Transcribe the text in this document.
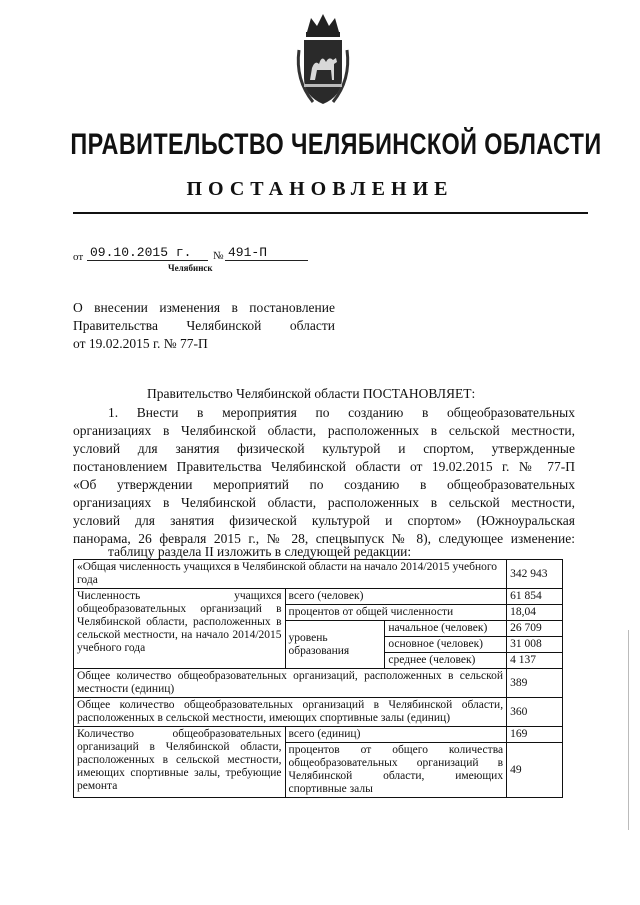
ПРАВИТЕЛЬСТВО ЧЕЛЯБИНСКОЙ ОБЛАСТИ
ПОСТАНОВЛЕНИЕ
от 09.10.2015 г.	№ 491-П
Челябинск
О внесении изменения в постановление
Правительства Челябинской области
от 19.02.2015 г. № 77-П
Правительство Челябинской области ПОСТАНОВЛЯЕТ:
1. Внести в мероприятия по созданию в общеобразовательных
организациях в Челябинской области, расположенных в сельской местности,
условий для занятия физической культурой и спортом, утвержденные
постановлением Правительства Челябинской области от 19.02.2015 г. № 77-П
«Об утверждении мероприятий по созданию в общеобразовательных
организациях в Челябинской области, расположенных в сельской местности,
условий для занятия физической культурой и спортом» (Южноуральская
панорама, 26 февраля 2015 г., № 28, спецвыпуск № 8), следующее изменение:
таблицу раздела II изложить в следующей редакции:
«Общая численность учащихся в Челябинской области на начало 2014/2015 учебного года			342 943
Численность учащихся общеобразовательных организаций в Челябинской области, расположенных в сельской местности, на начало 2014/2015 учебного года	всего (человек)		61 854
	процентов от общей численности		18,04
	уровень образования	начальное (человек)	26 709
		основное (человек)	31 008
		среднее (человек)	4 137
Общее количество общеобразовательных организаций, расположенных в сельской местности (единиц)			389
Общее количество общеобразовательных организаций в Челябинской области, расположенных в сельской местности, имеющих спортивные залы (единиц)			360
Количество общеобразовательных организаций в Челябинской области, расположенных в сельской местности, имеющих спортивные залы, требующие ремонта	всего (единиц)		169
	процентов от общего количества общеобразовательных организаций в Челябинской области, имеющих спортивные залы		49
